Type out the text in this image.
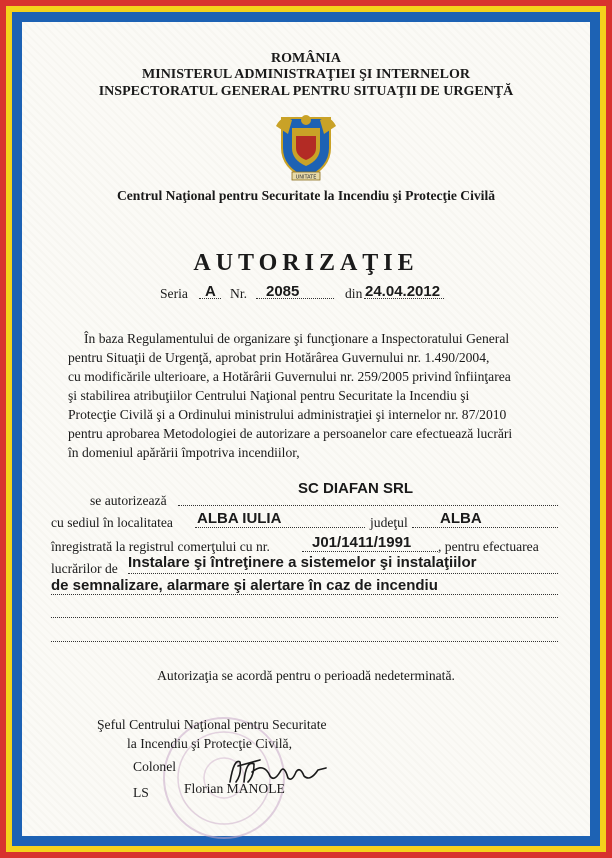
ROMÂNIA
MINISTERUL ADMINISTRAŢIEI ŞI INTERNELOR
INSPECTORATUL GENERAL PENTRU SITUAŢII DE URGENŢĂ
UNITATE
Centrul Naţional pentru Securitate la Incendiu şi Protecţie Civilă
AUTORIZAŢIE
Seria A Nr. 2085	din 24.04.2012
În baza Regulamentului de organizare şi funcţionare a Inspectoratului General
pentru Situaţii de Urgenţă, aprobat prin Hotărârea Guvernului nr. 1.490/2004,
cu modificările ulterioare, a Hotărârii Guvernului nr. 259/2005 privind înfiinţarea
şi stabilirea atribuţiilor Centrului Naţional pentru Securitate la Incendiu şi
Protecţie Civilă şi a Ordinului ministrului administraţiei şi internelor nr. 87/2010
pentru aprobarea Metodologiei de autorizare a persoanelor care efectuează lucrări
în domeniul apărării împotriva incendiilor,
se autorizează
SC DIAFAN SRL
cu sediul în localitatea ALBA IULIA	judeţul ALBA
înregistrată la registrul comerţului cu nr.	J01/1411/1991 , pentru efectuarea
lucrărilor de Instalare şi întreţinere a sistemelor şi instalaţiilor
de semnalizare, alarmare şi alertare în caz de incendiu
Autorizaţia se acordă pentru o perioadă nedeterminată.
Şeful Centrului Naţional pentru Securitate
la Incendiu şi Protecţie Civilă,
Colonel
LS	Florian MANOLE
